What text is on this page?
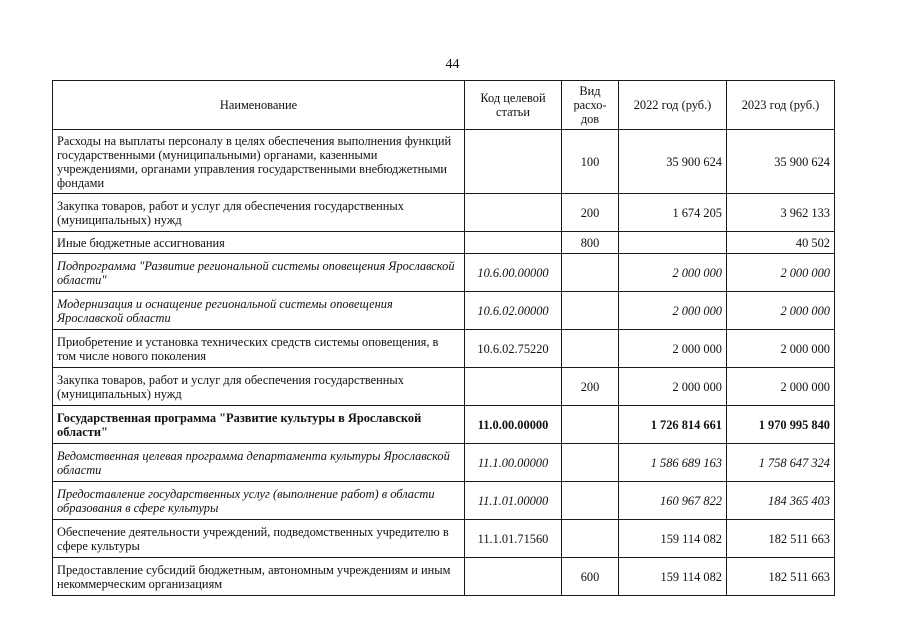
44
Наименование	Код целевой статьи	Вид расхо-дов	2022 год (руб.)	2023 год (руб.)
Расходы на выплаты персоналу в целях обеспечения выполнения функций государственными (муниципальными) органами, казенными учреждениями, органами управления государственными внебюджетными фондами		100	35 900 624	35 900 624
Закупка товаров, работ и услуг для обеспечения государственных (муниципальных) нужд		200	1 674 205	3 962 133
Иные бюджетные ассигнования		800		40 502
Подпрограмма "Развитие региональной системы оповещения Ярославской области"	10.6.00.00000		2 000 000	2 000 000
Модернизация и оснащение региональной системы оповещения Ярославской области	10.6.02.00000		2 000 000	2 000 000
Приобретение и установка технических средств системы оповещения, в том числе нового поколения	10.6.02.75220		2 000 000	2 000 000
Закупка товаров, работ и услуг для обеспечения государственных (муниципальных) нужд		200	2 000 000	2 000 000
Государственная программа "Развитие культуры в Ярославской области"	11.0.00.00000		1 726 814 661	1 970 995 840
Ведомственная целевая программа департамента культуры Ярославской области	11.1.00.00000		1 586 689 163	1 758 647 324
Предоставление государственных услуг (выполнение работ) в области образования в сфере культуры	11.1.01.00000		160 967 822	184 365 403
Обеспечение деятельности учреждений, подведомственных учредителю в сфере культуры	11.1.01.71560		159 114 082	182 511 663
Предоставление субсидий бюджетным, автономным учреждениям и иным некоммерческим организациям		600	159 114 082	182 511 663
